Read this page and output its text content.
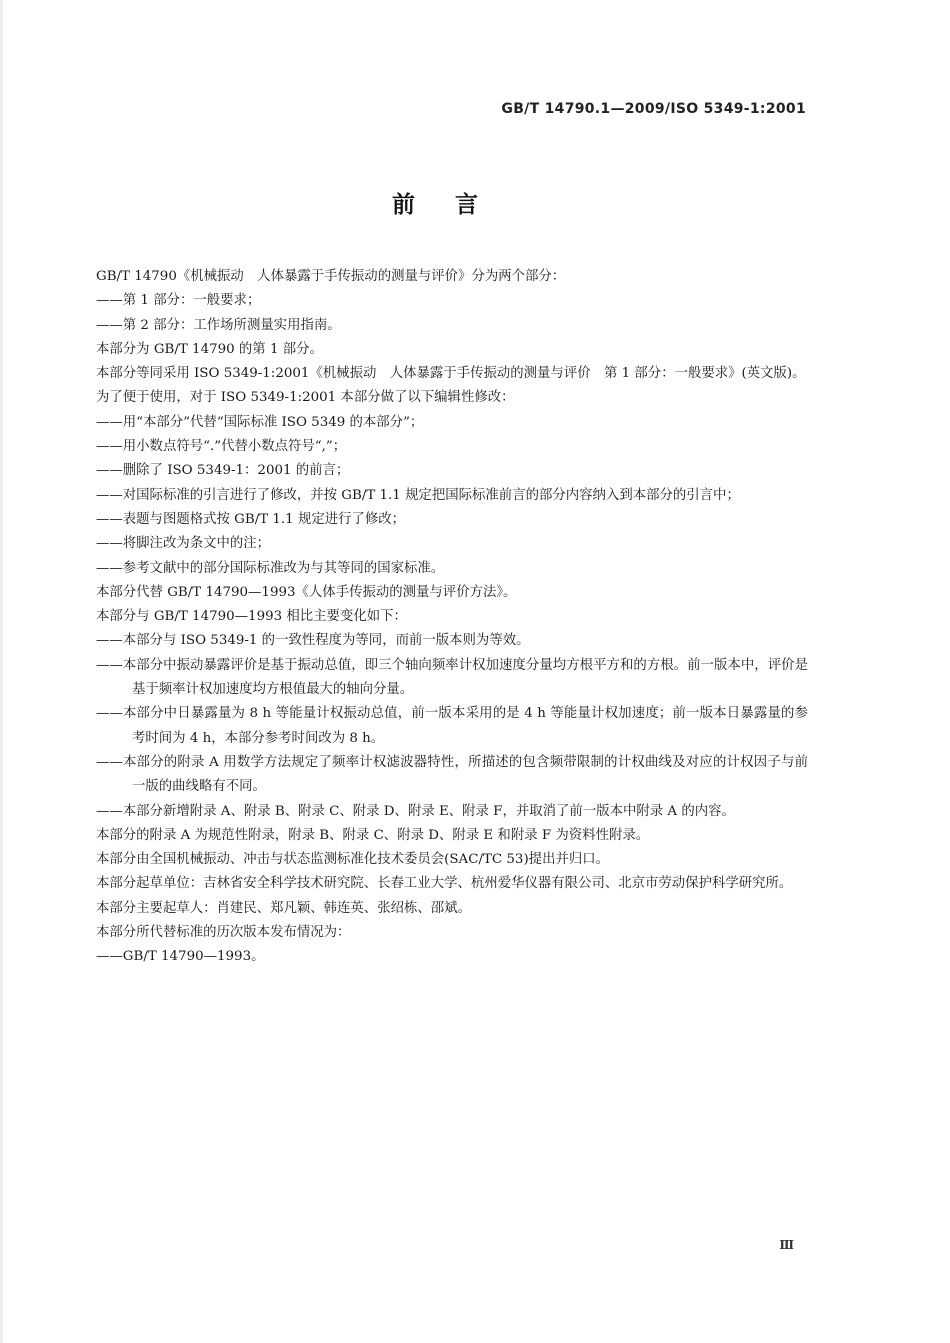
GB/T 14790.1—2009/ISO 5349-1:2001
前言

GB/T 14790《机械振动　人体暴露于手传振动的测量与评价》分为两个部分：

——第 1 部分：一般要求；

——第 2 部分：工作场所测量实用指南。

本部分为 GB/T 14790 的第 1 部分。

本部分等同采用 ISO 5349-1:2001《机械振动　人体暴露于手传振动的测量与评价　第 1 部分：一般要求》(英文版)。

为了便于使用，对于 ISO 5349-1:2001 本部分做了以下编辑性修改：

——用“本部分”代替“国际标准 ISO 5349 的本部分”；

——用小数点符号“.”代替小数点符号“,”；

——删除了 ISO 5349-1：2001 的前言；

——对国际标准的引言进行了修改，并按 GB/T 1.1 规定把国际标准前言的部分内容纳入到本部分的引言中；

——表题与图题格式按 GB/T 1.1 规定进行了修改；

——将脚注改为条文中的注；

——参考文献中的部分国际标准改为与其等同的国家标准。

本部分代替 GB/T 14790—1993《人体手传振动的测量与评价方法》。

本部分与 GB/T 14790—1993 相比主要变化如下：

——本部分与 ISO 5349-1 的一致性程度为等同，而前一版本则为等效。

——本部分中振动暴露评价是基于振动总值，即三个轴向频率计权加速度分量均方根平方和的方根。前一版本中，评价是基于频率计权加速度均方根值最大的轴向分量。

——本部分中日暴露量为 8 h 等能量计权振动总值，前一版本采用的是 4 h 等能量计权加速度；前一版本日暴露量的参考时间为 4 h，本部分参考时间改为 8 h。

——本部分的附录 A 用数学方法规定了频率计权滤波器特性，所描述的包含频带限制的计权曲线及对应的计权因子与前一版的曲线略有不同。

——本部分新增附录 A、附录 B、附录 C、附录 D、附录 E、附录 F，并取消了前一版本中附录 A 的内容。

本部分的附录 A 为规范性附录，附录 B、附录 C、附录 D、附录 E 和附录 F 为资料性附录。

本部分由全国机械振动、冲击与状态监测标准化技术委员会(SAC/TC 53)提出并归口。

本部分起草单位：吉林省安全科学技术研究院、长春工业大学、杭州爱华仪器有限公司、北京市劳动保护科学研究所。

本部分主要起草人：肖建民、郑凡颖、韩连英、张绍栋、邵斌。

本部分所代替标准的历次版本发布情况为：

——GB/T 14790—1993。

Ⅲ
